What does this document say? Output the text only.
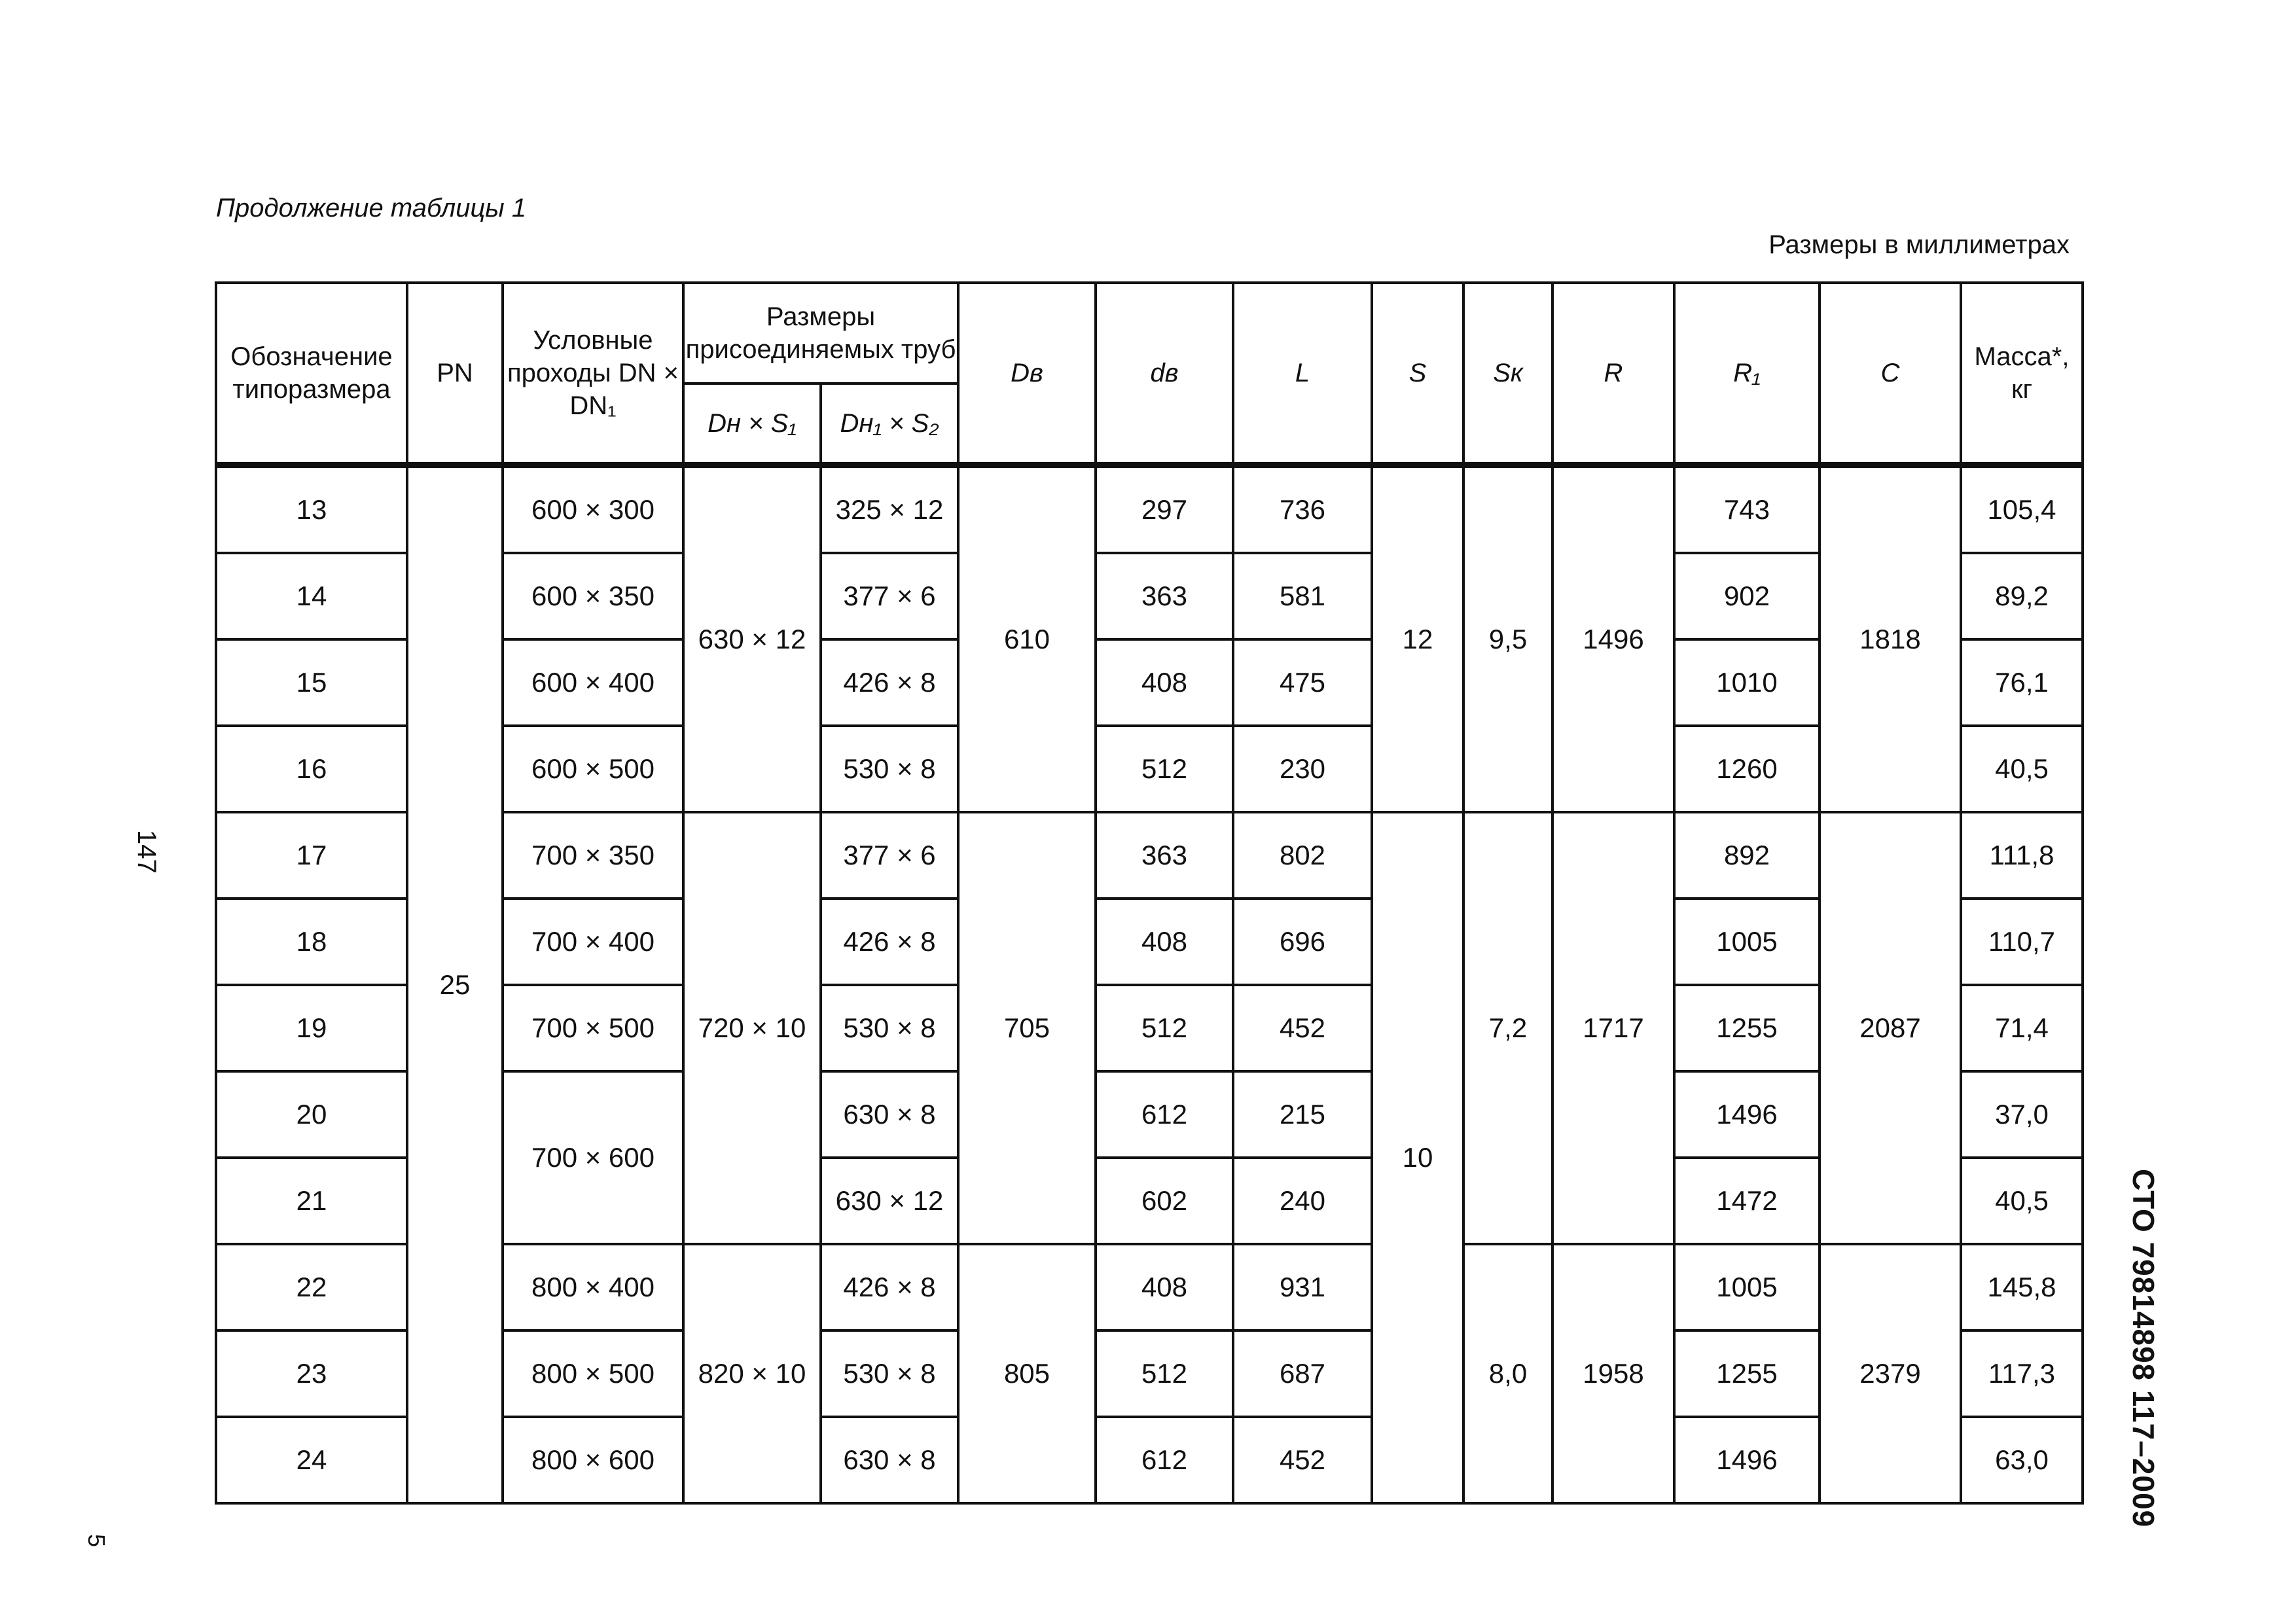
Продолжение таблицы 1
Размеры в миллиметрах
Обозначение типоразмера	PN	Условные проходы DN × DN₁	Размеры присоединяемых труб		Dв	dв	L	S	Sк	R	R₁	С	Масса*, кг
			Dн × S₁	Dн₁ × S₂									
13	25	600 × 300	630 × 12	325 × 12	610	297	736	12	9,5	1496	743	1818	105,4
14		600 × 350		377 × 6		363	581				902		89,2
15		600 × 400		426 × 8		408	475				1010		76,1
16		600 × 500		530 × 8		512	230				1260		40,5
17		700 × 350	720 × 10	377 × 6	705	363	802	10	7,2	1717	892	2087	111,8
18		700 × 400		426 × 8		408	696				1005		110,7
19		700 × 500		530 × 8		512	452				1255		71,4
20		700 × 600		630 × 8		612	215				1496		37,0
21				630 × 12		602	240				1472		40,5
22		800 × 400	820 × 10	426 × 8	805	408	931		8,0	1958	1005	2379	145,8
23		800 × 500		530 × 8		512	687				1255		117,3
24		800 × 600		630 × 8		612	452				1496		63,0	СТО 79814898 117–2009
147
5
